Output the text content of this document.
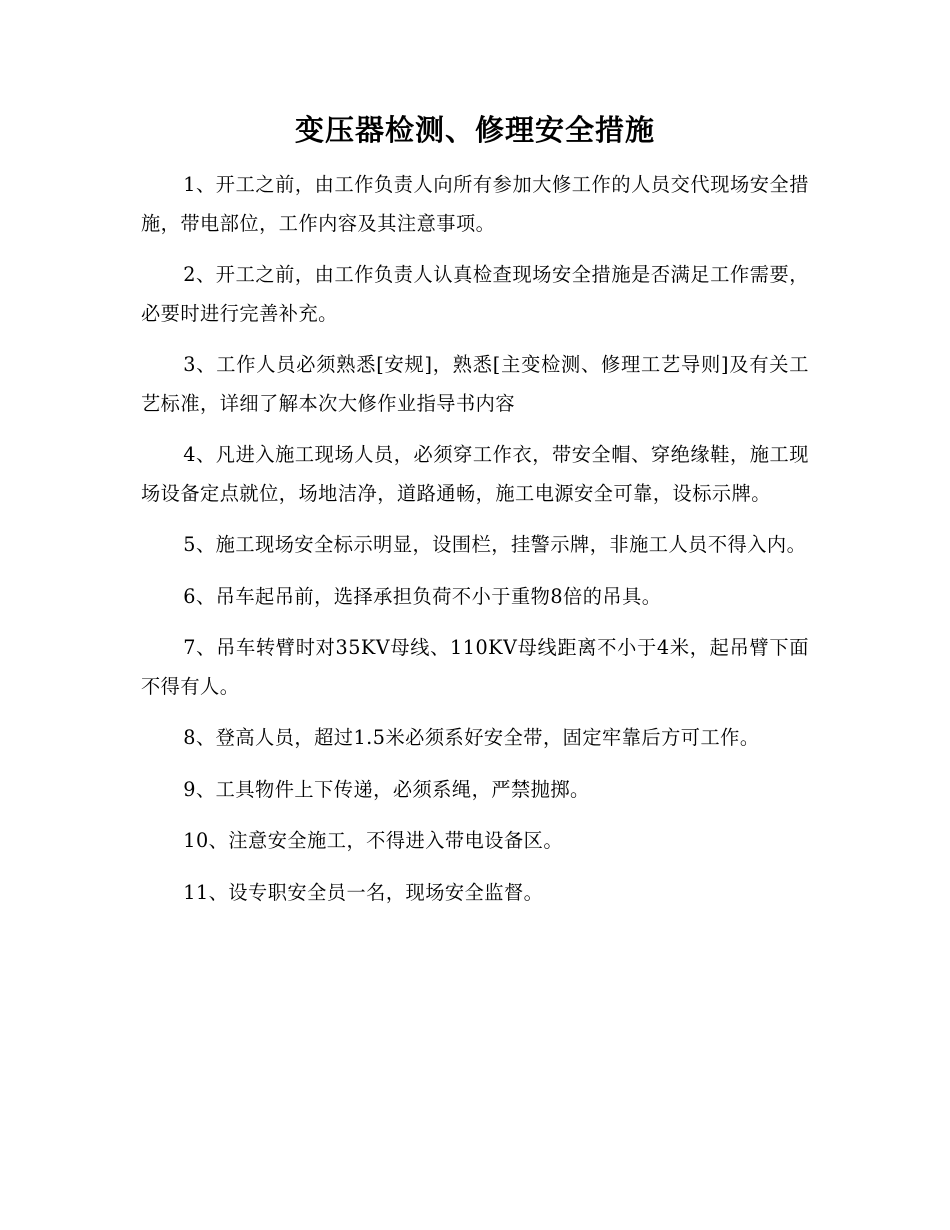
变压器检测、修理安全措施

1、开工之前，由工作负责人向所有参加大修工作的人员交代现场安全措施，带电部位，工作内容及其注意事项。

2、开工之前，由工作负责人认真检查现场安全措施是否满足工作需要，必要时进行完善补充。

3、工作人员必须熟悉[安规]，熟悉[主变检测、修理工艺导则]及有关工艺标准，详细了解本次大修作业指导书内容

4、凡进入施工现场人员，必须穿工作衣，带安全帽、穿绝缘鞋，施工现场设备定点就位，场地洁净，道路通畅，施工电源安全可靠，设标示牌。

5、施工现场安全标示明显，设围栏，挂警示牌，非施工人员不得入内。

6、吊车起吊前，选择承担负荷不小于重物8倍的吊具。

7、吊车转臂时对35KV母线、110KV母线距离不小于4米，起吊臂下面不得有人。

8、登高人员，超过1.5米必须系好安全带，固定牢靠后方可工作。

9、工具物件上下传递，必须系绳，严禁抛掷。

10、注意安全施工，不得进入带电设备区。

11、设专职安全员一名，现场安全监督。
